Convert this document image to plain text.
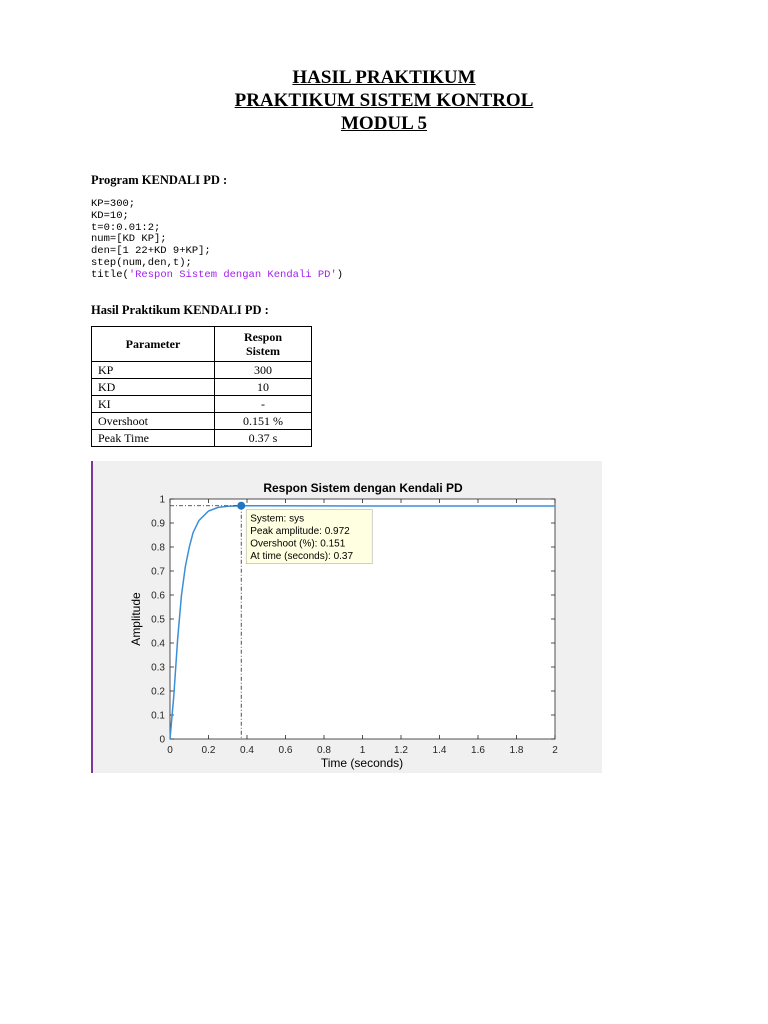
HASIL PRAKTIKUM
PRAKTIKUM SISTEM KONTROL
MODUL 5
Program KENDALI PD :
KP=300;
KD=10;
t=0:0.01:2;
num=[KD KP];
den=[1 22+KD 9+KP];
step(num,den,t);
title('Respon Sistem dengan Kendali PD')
Hasil Praktikum KENDALI PD :
Parameter	Respon Sistem

KP	300
KD	10
KI	-
Overshoot	0.151 %
Peak Time	0.37 s
Respon Sistem dengan Kendali PD
0	0.2 0.4 0.6 0.8	1	1.2 1.4 1.6 1.8	2
0
0.1
0.2
0.3
0.4
0.5
0.6
0.7
0.8
0.9
1
System: sys
Peak amplitude: 0.972
Overshoot (%): 0.151
At time (seconds): 0.37
Time (seconds)
Amplitude
